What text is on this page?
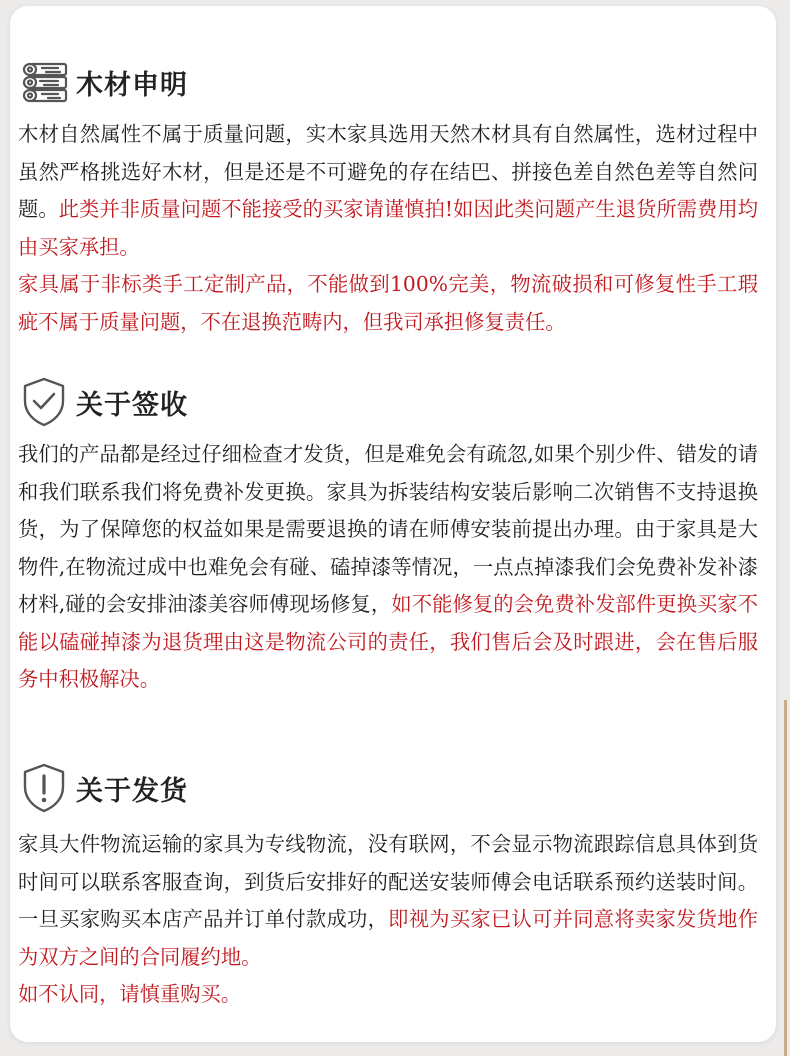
木材申明

木材自然属性不属于质量问题，实木家具选用天然木材具有自然属性，选材过程中虽然严格挑选好木材，但是还是不可避免的存在结巴、拼接色差自然色差等自然问题。此类并非质量问题不能接受的买家请谨慎拍!如因此类问题产生退货所需费用均由买家承担。

家具属于非标类手工定制产品，不能做到100%完美，物流破损和可修复性手工瑕疵不属于质量问题，不在退换范畴内，但我司承担修复责任。

关于签收

我们的产品都是经过仔细检查才发货，但是难免会有疏忽,如果个别少件、错发的请和我们联系我们将免费补发更换。家具为拆装结构安装后影响二次销售不支持退换货，为了保障您的权益如果是需要退换的请在师傅安装前提出办理。由于家具是大物件,在物流过成中也难免会有碰、磕掉漆等情况，一点点掉漆我们会免费补发补漆材料,碰的会安排油漆美容师傅现场修复，如不能修复的会免费补发部件更换买家不能以磕碰掉漆为退货理由这是物流公司的责任，我们售后会及时跟进，会在售后服务中积极解决。

关于发货

家具大件物流运输的家具为专线物流，没有联网，不会显示物流跟踪信息具体到货时间可以联系客服查询，到货后安排好的配送安装师傅会电话联系预约送装时间。一旦买家购买本店产品并订单付款成功，即视为买家已认可并同意将卖家发货地作为双方之间的合同履约地。

如不认同，请慎重购买。
